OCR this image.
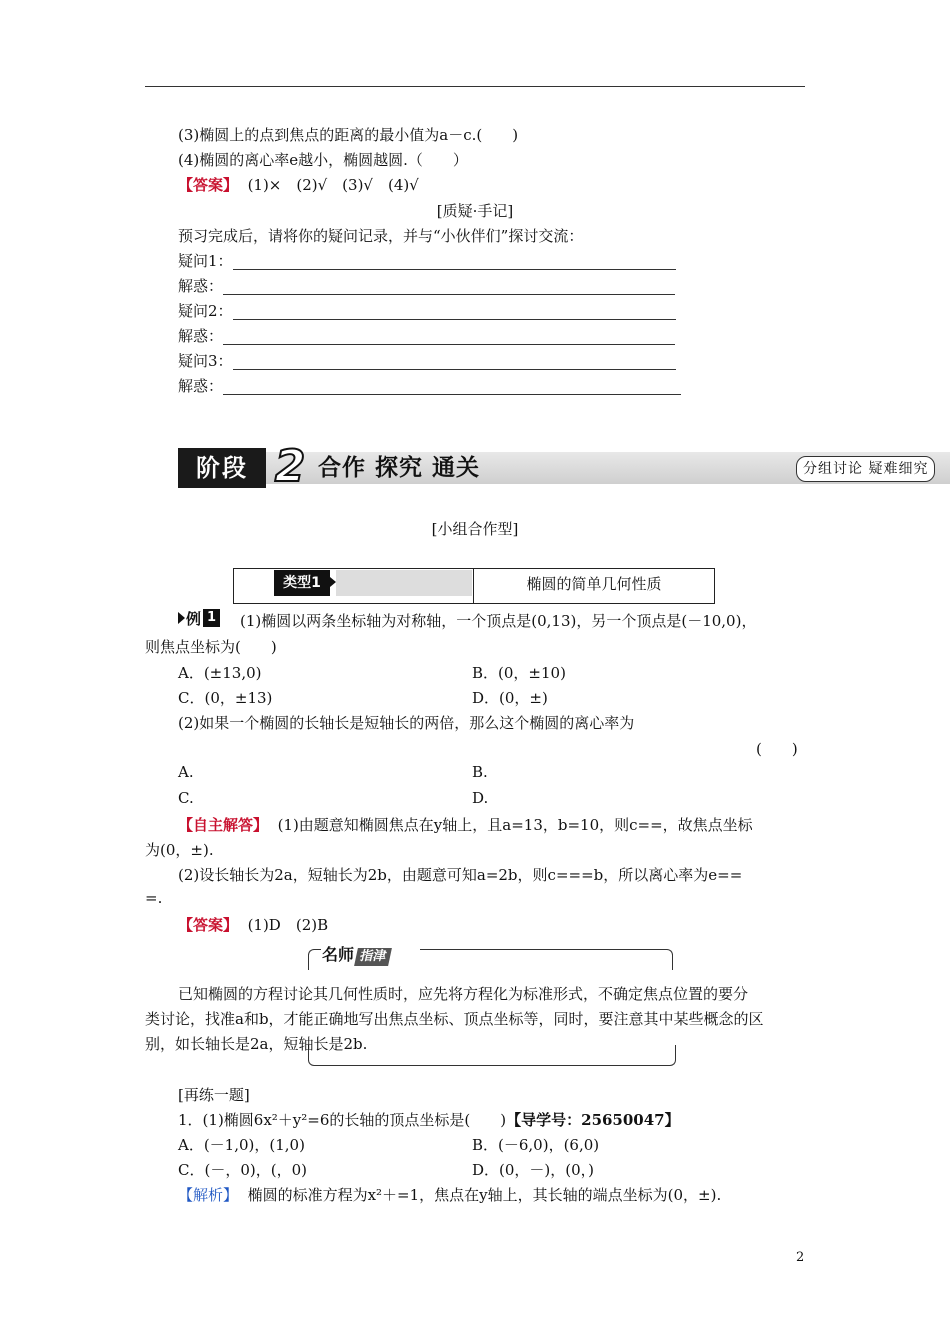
(3)椭圆上的点到焦点的距离的最小值为a－c.(　　)
(4)椭圆的离心率e越小，椭圆越圆.（　　）
【答案】 (1)×　(2)√　(3)√　(4)√
[质疑·手记]
预习完成后，请将你的疑问记录，并与“小伙伴们”探讨交流：
疑问1：
解惑：
疑问2：
解惑：
疑问3：
解惑：
阶段 2 合作 探究 通关	分组讨论 疑难细究
[小组合作型]
类型1	椭圆的简单几何性质
例 1 (1)椭圆以两条坐标轴为对称轴，一个顶点是(0,13)，另一个顶点是(－10,0)，
则焦点坐标为(　　)
A．(±13,0)	B．(0，±10)
C．(0，±13)	D．(0，±)
(2)如果一个椭圆的长轴长是短轴长的两倍，那么这个椭圆的离心率为
(　　)
A.	B.
C.	D.
【自主解答】 (1)由题意知椭圆焦点在y轴上，且a=13，b=10，则c==，故焦点坐标
为(0，±).
(2)设长轴长为2a，短轴长为2b，由题意可知a=2b，则c===b，所以离心率为e==
=.
【答案】 (1)D　(2)B
名师 指津
已知椭圆的方程讨论其几何性质时，应先将方程化为标准形式，不确定焦点位置的要分
类讨论，找准a和b，才能正确地写出焦点坐标、顶点坐标等，同时，要注意其中某些概念的区
别，如长轴长是2a，短轴长是2b.
[再练一题]
1．(1)椭圆6x²＋y²=6的长轴的顶点坐标是(　　)【导学号：25650047】
A．(－1,0)，(1,0)	B．(－6,0)，(6,0)
C．(－，0)，(，0)	D．(0，－)，(0，)
【解析】 椭圆的标准方程为x²＋=1，焦点在y轴上，其长轴的端点坐标为(0，±).
2
